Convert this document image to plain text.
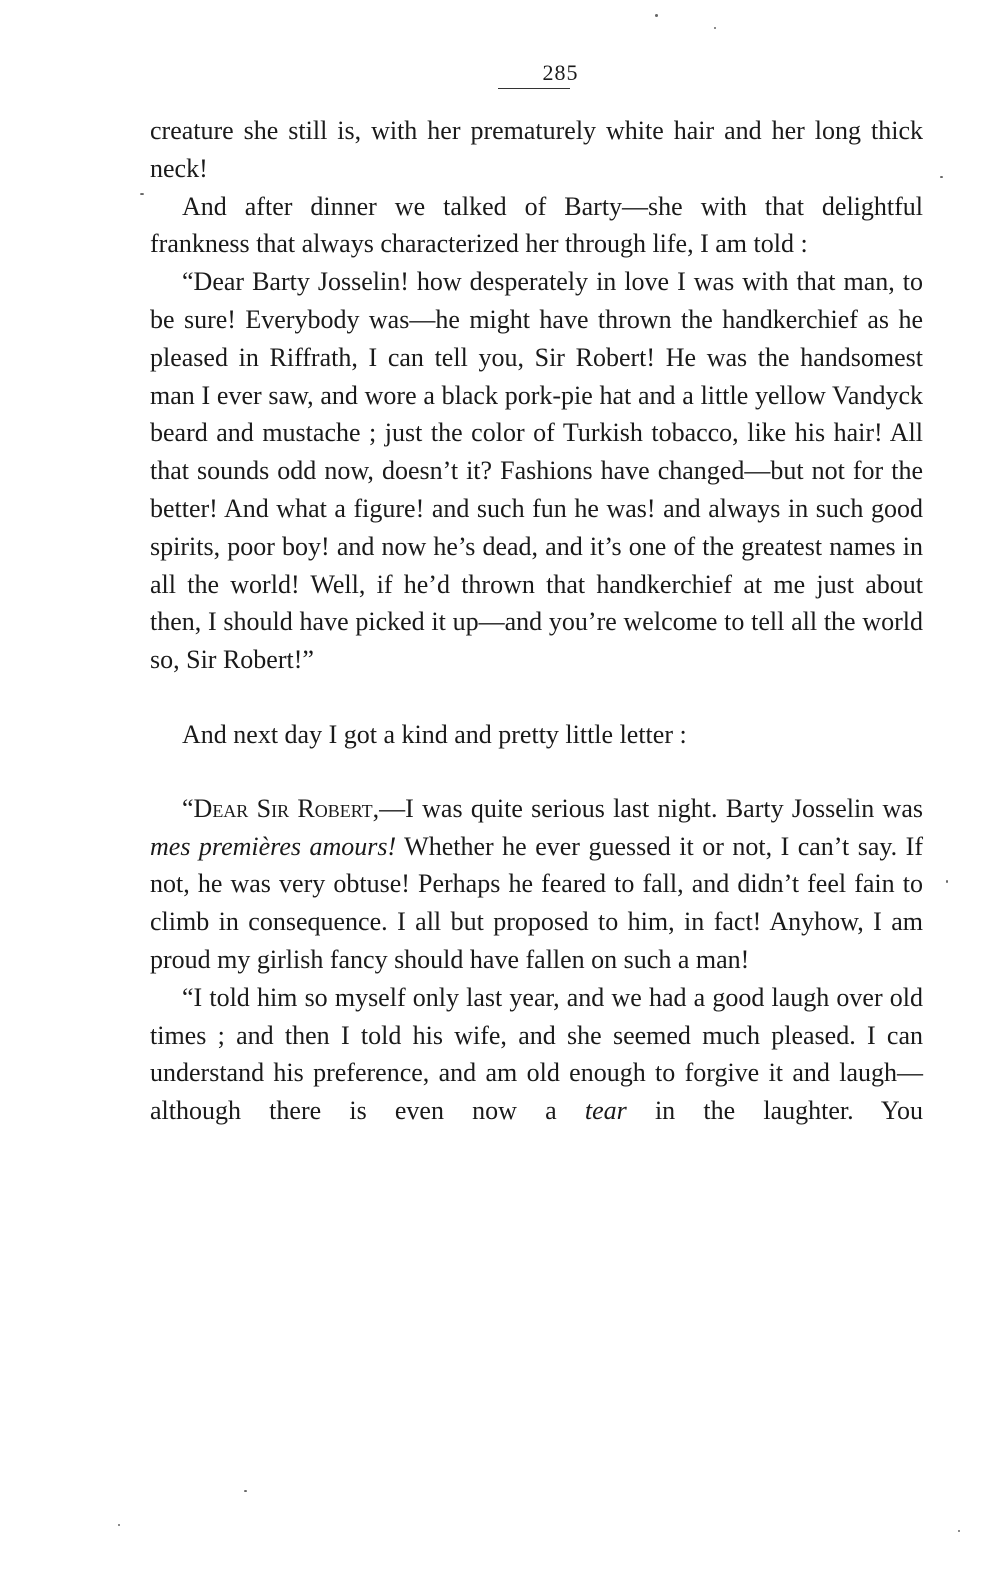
285

creature she still is, with her prematurely white hair and her long thick neck!

And after dinner we talked of Barty—she with that delightful frankness that always characterized her through life, I am told :

“Dear Barty Josselin! how desperately in love I was with that man, to be sure! Everybody was—he might have thrown the handkerchief as he pleased in Riffrath, I can tell you, Sir Robert! He was the handsomest man I ever saw, and wore a black pork-pie hat and a little yellow Vandyck beard and mustache ; just the color of Turkish tobacco, like his hair! All that sounds odd now, doesn’t it? Fashions have changed—but not for the better! And what a figure! and such fun he was! and always in such good spirits, poor boy! and now he’s dead, and it’s one of the greatest names in all the world! Well, if he’d thrown that handkerchief at me just about then, I should have picked it up—and you’re welcome to tell all the world so, Sir Robert!”

And next day I got a kind and pretty little letter :

“Dear Sir Robert,—I was quite serious last night. Barty Josselin was mes premières amours! Whether he ever guessed it or not, I can’t say. If not, he was very obtuse! Perhaps he feared to fall, and didn’t feel fain to climb in consequence. I all but proposed to him, in fact! Anyhow, I am proud my girlish fancy should have fallen on such a man!

“I told him so myself only last year, and we had a good laugh over old times ; and then I told his wife, and she seemed much pleased. I can understand his preference, and am old enough to forgive it and laugh—although there is even now a tear in the laughter. You
